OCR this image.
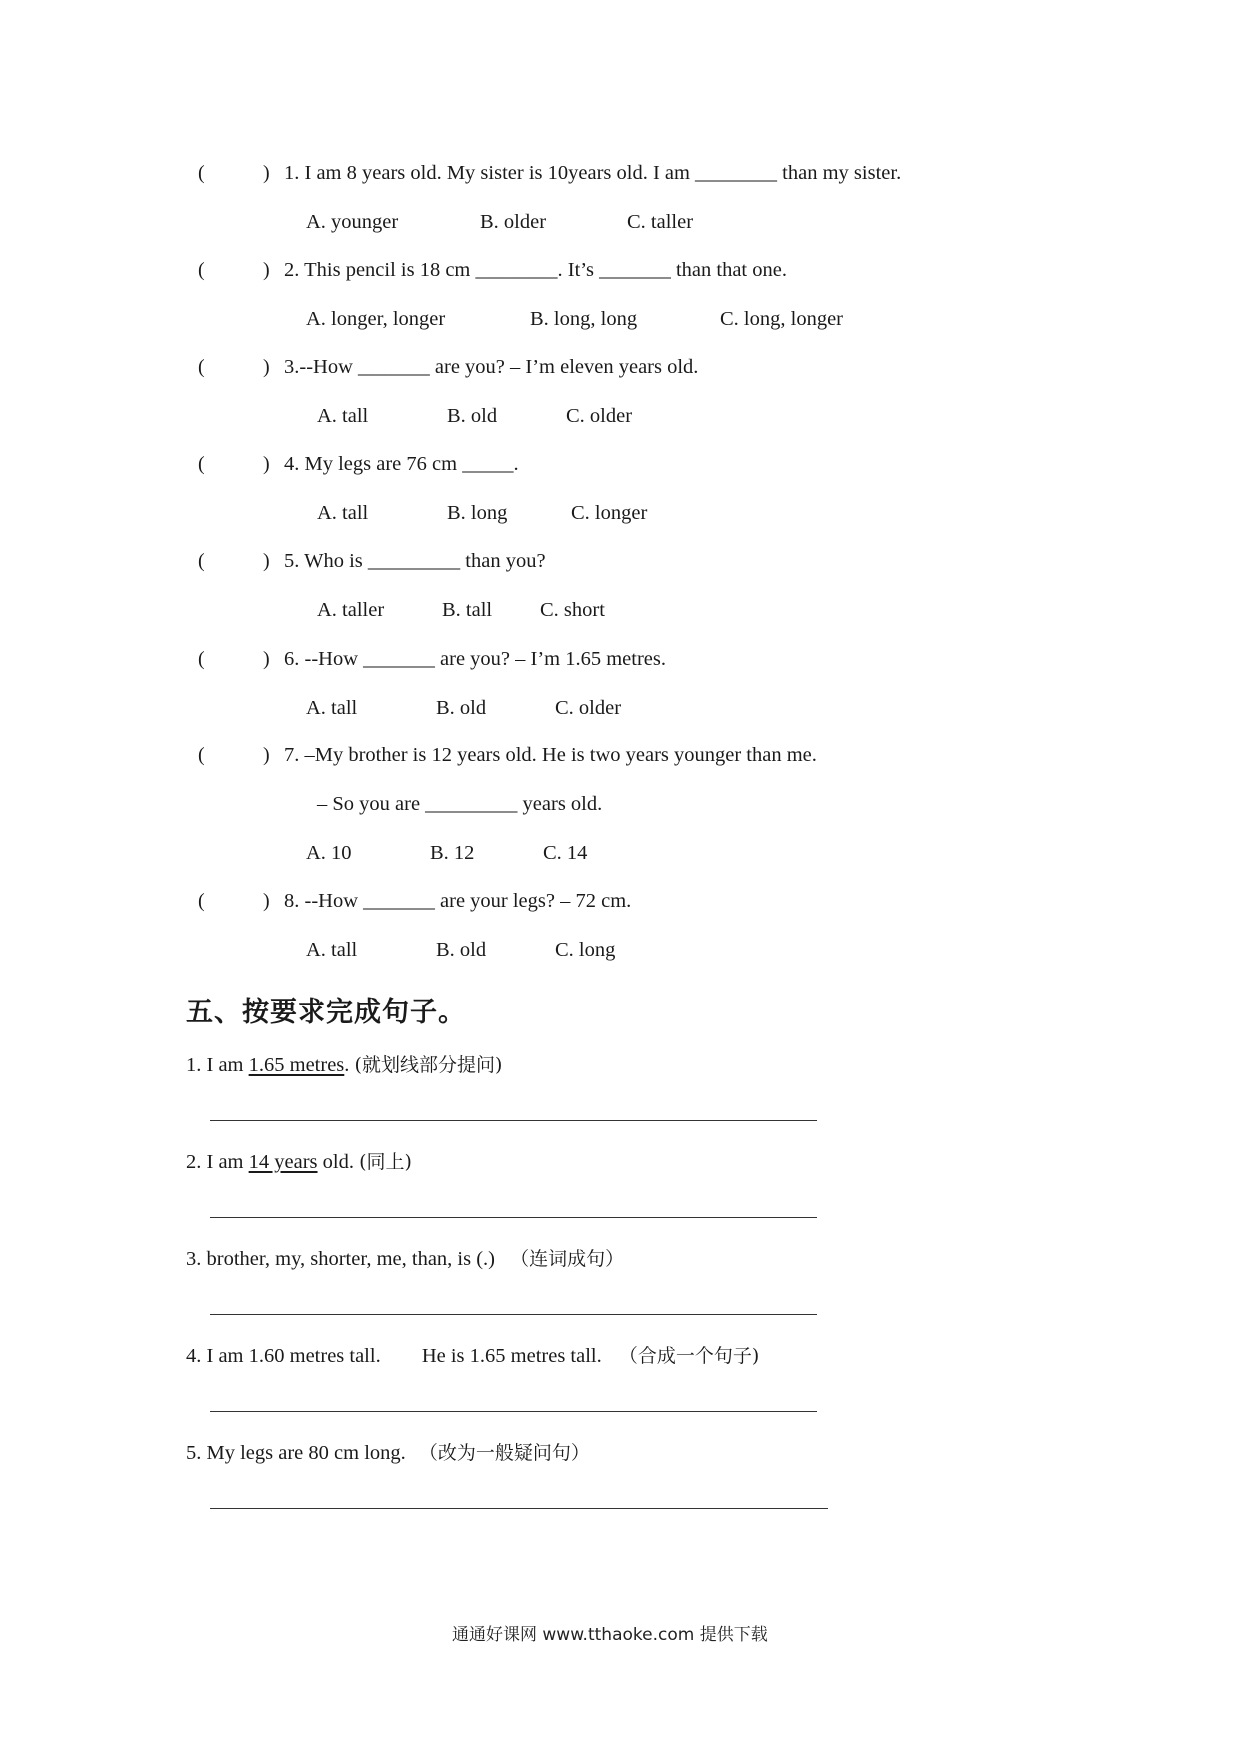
(	) 1. I am 8 years old. My sister is 10years old. I am ________ than my sister.
A. younger	B. older	C. taller
(	) 2. This pencil is 18 cm ________. It’s _______ than that one.
A. longer, longer	B. long, long	C. long, longer
(	) 3.--How _______ are you? – I’m eleven years old.
A. tall	B. old	C. older
(	) 4. My legs are 76 cm _____.
A. tall	B. long	C. longer
(	) 5. Who is _________ than you?
A. taller	B. tall C. short
(	) 6. --How _______ are you? – I’m 1.65 metres.
A. tall	B. old	C. older
(	) 7. –My brother is 12 years old. He is two years younger than me.
– So you are _________ years old.
A. 10	B. 12	C. 14
(	) 8. --How _______ are your legs? – 72 cm.
A. tall	B. old	C. long
五、按要求完成句子。
1. I am 1.65 metres. (就划线部分提问)
2. I am 14 years old. (同上)
3. brother, my, shorter, me, than, is (.) （连词成句）
4. I am 1.60 metres tall. He is 1.65 metres tall. （合成一个句子)
5. My legs are 80 cm long. （改为一般疑问句）
通通好课网 www.tthaoke.com 提供下载
